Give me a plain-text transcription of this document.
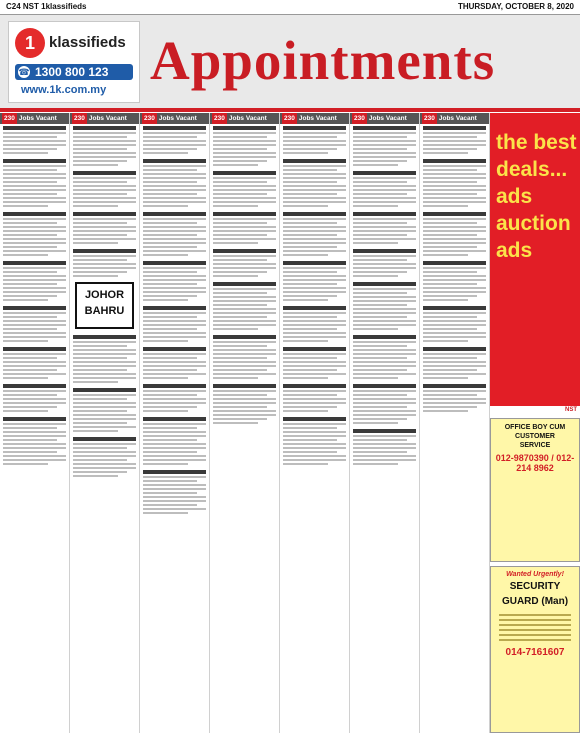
C24 NST 1klassifieds	THURSDAY, OCTOBER 8, 2020
1 klassifieds
☎ 1300 800 123
www.1k.com.my Appointments
230 Jobs Vacant	230 Jobs Vacant
JOHOR
BAHRU
230 Jobs Vacant	230 Jobs Vacant	230 Jobs Vacant	230 Jobs Vacant	230 Jobs Vacant
the best
deals...
ads
auction
ads
NST
OFFICE BOY CUM
CUSTOMER
SERVICE
012-9870390 / 012-214 8962
Wanted Urgently!
SECURITY
GUARD (Man)
014-7161607
